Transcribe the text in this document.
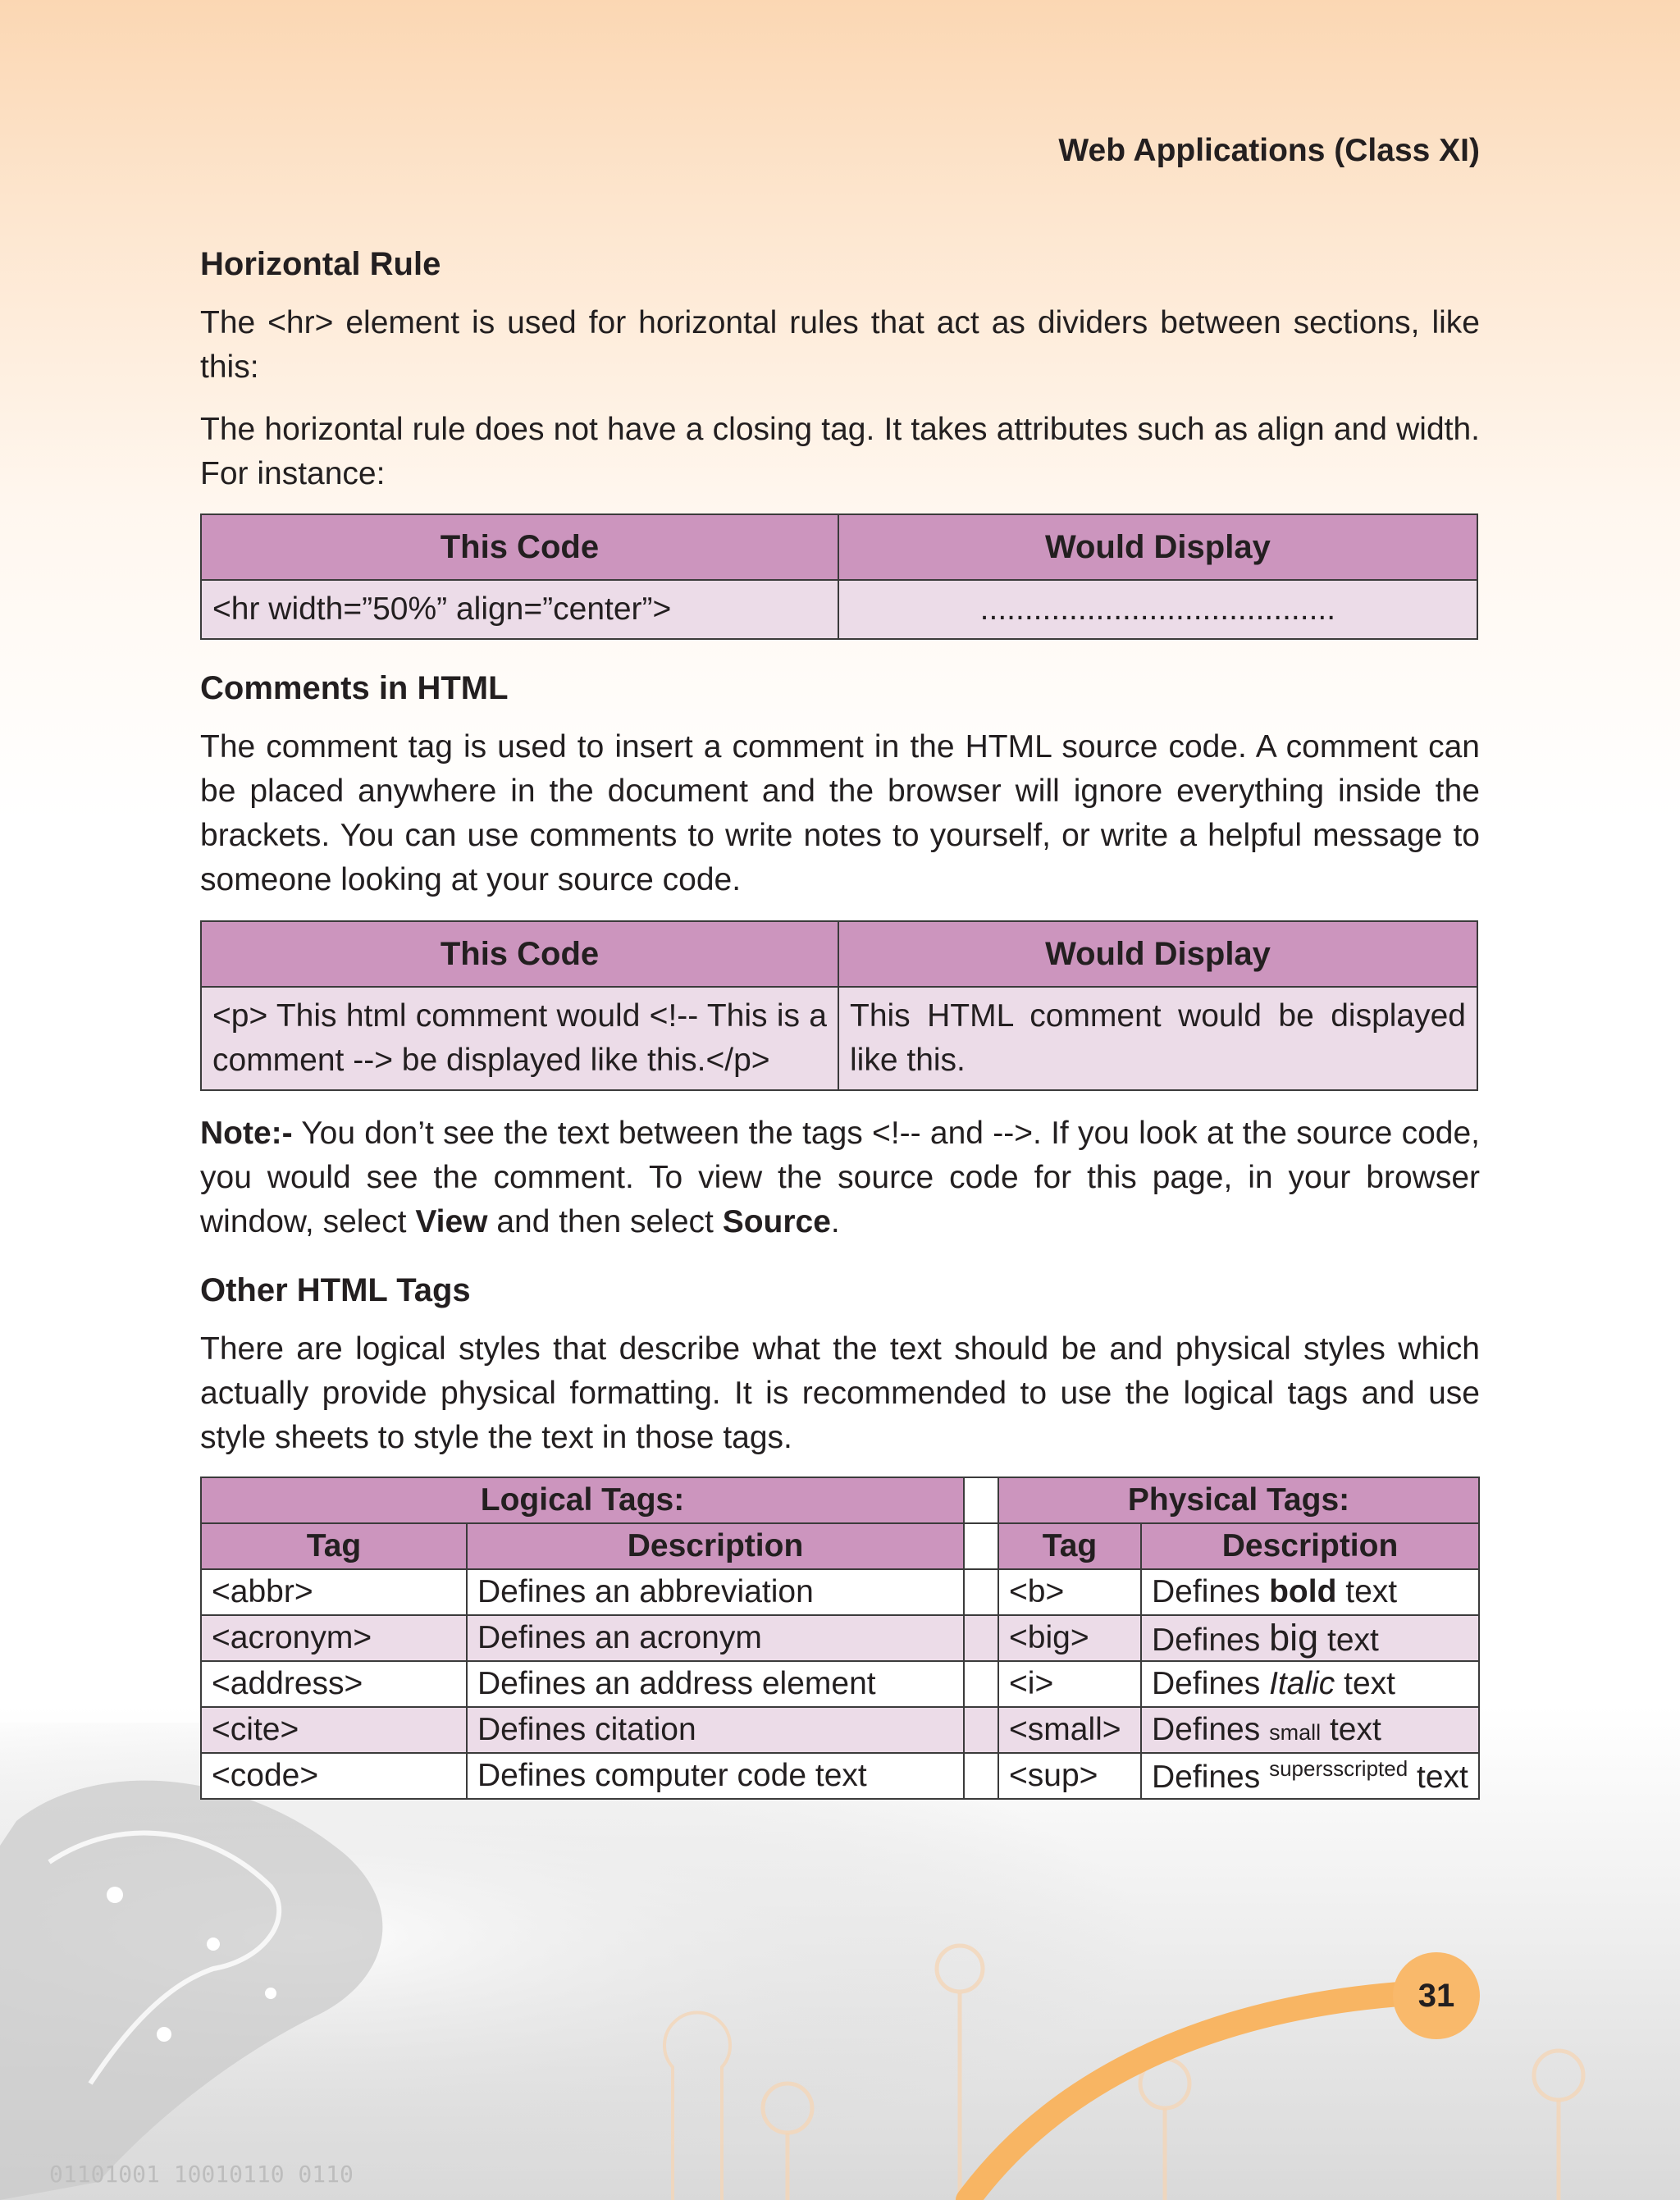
01101001 10010110 0110
Web Applications (Class XI)
Horizontal Rule

The <hr> element is used for horizontal rules that act as dividers between sections, like this:

The horizontal rule does not have a closing tag. It takes attributes such as align and width. For instance:

This Code	Would Display
<hr width=”50%” align=”center”>	........................................
Comments in HTML

The comment tag is used to insert a comment in the HTML source code. A comment can be placed anywhere in the document and the browser will ignore everything inside the brackets. You can use comments to write notes to yourself, or write a helpful message to someone looking at your source code.

This Code	Would Display
<p> This html comment would <!-- This is a comment --> be displayed like this.</p>	This HTML comment would be displayed like this.

Note:- You don’t see the text between the tags <!-- and -->. If you look at the source code, you would see the comment. To view the source code for this page, in your browser window, select View and then select Source.

Other HTML Tags

There are logical styles that describe what the text should be and physical styles which actually provide physical formatting. It is recommended to use the logical tags and use style sheets to style the text in those tags.

Logical Tags:			Physical Tags:	
Tag	Description		Tag	Description
<abbr>	Defines an abbreviation		<b>	Defines bold text
<acronym>	Defines an acronym		<big>	Defines big text
<address>	Defines an address element		<i>	Defines Italic text
<cite>	Defines citation		<small>	Defines small text
<code>	Defines computer code text		<sup>	Defines $^{supersscripted}$ text
31
